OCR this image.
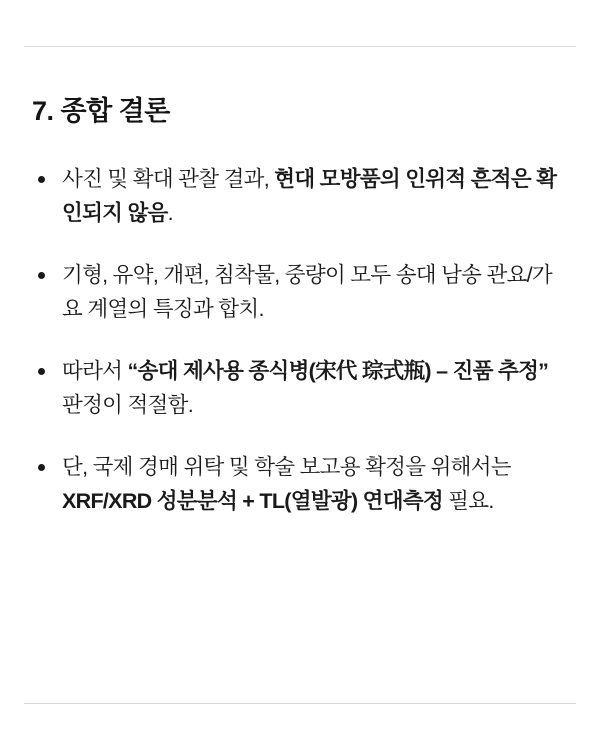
7. 종합 결론
사진 및 확대 관찰 결과, 현대 모방품의 인위적 흔적은 확인되지 않음.
기형, 유약, 개편, 침착물, 중량이 모두 송대 남송 관요/가요 계열의 특징과 합치.
따라서 “송대 제사용 종식병(宋代 琮式瓶) – 진품 추정” 판정이 적절함.
단, 국제 경매 위탁 및 학술 보고용 확정을 위해서는 XRF/XRD 성분분석 + TL(열발광) 연대측정 필요.
